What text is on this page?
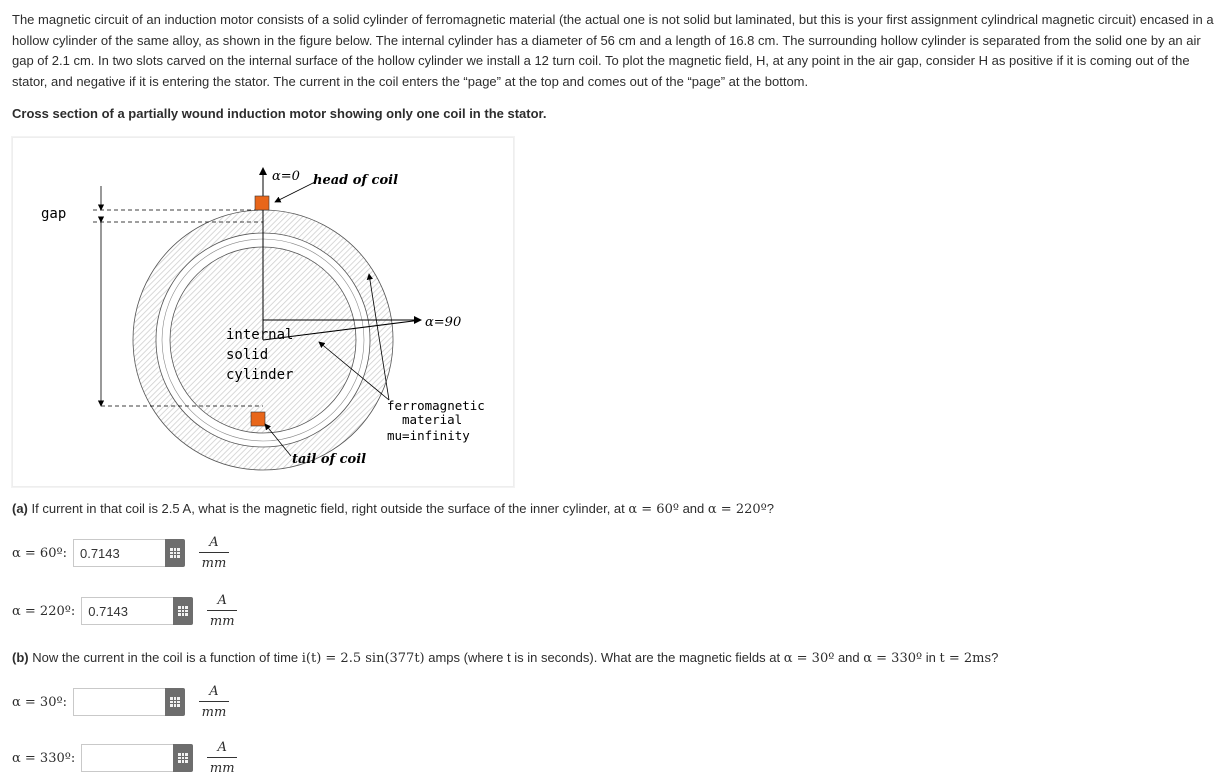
The magnetic circuit of an induction motor consists of a solid cylinder of ferromagnetic material (the actual one is not solid but laminated, but this is your first assignment cylindrical magnetic circuit) encased in a hollow cylinder of the same alloy, as shown in the figure below. The internal cylinder has a diameter of 56 cm and a length of 16.8 cm. The surrounding hollow cylinder is separated from the solid one by an air gap of 2.1 cm. In two slots carved on the internal surface of the hollow cylinder we install a 12 turn coil. To plot the magnetic field, H, at any point in the air gap, consider H as positive if it is coming out of the stator, and negative if it is entering the stator. The current in the coil enters the “page” at the top and comes out of the “page” at the bottom.

Cross section of a partially wound induction motor showing only one coil in the stator.

gap
α=0 head of coil
α=90
internal
solid
cylinder
ferromagnetic
material
mu=infinity
tail of coil

(a) If current in that coil is 2.5 A, what is the magnetic field, right outside the surface of the inner cylinder, at α = 60º and α = 220º?

α = 60º:	0.7143
A
mm
α = 220º:	0.7143
A
mm

(b) Now the current in the coil is a function of time i(t) = 2.5 sin(377t) amps (where t is in seconds). What are the magnetic fields at α = 30º and α = 330º in t = 2ms?

α = 30º:
A
mm
α = 330º:
A
mm
